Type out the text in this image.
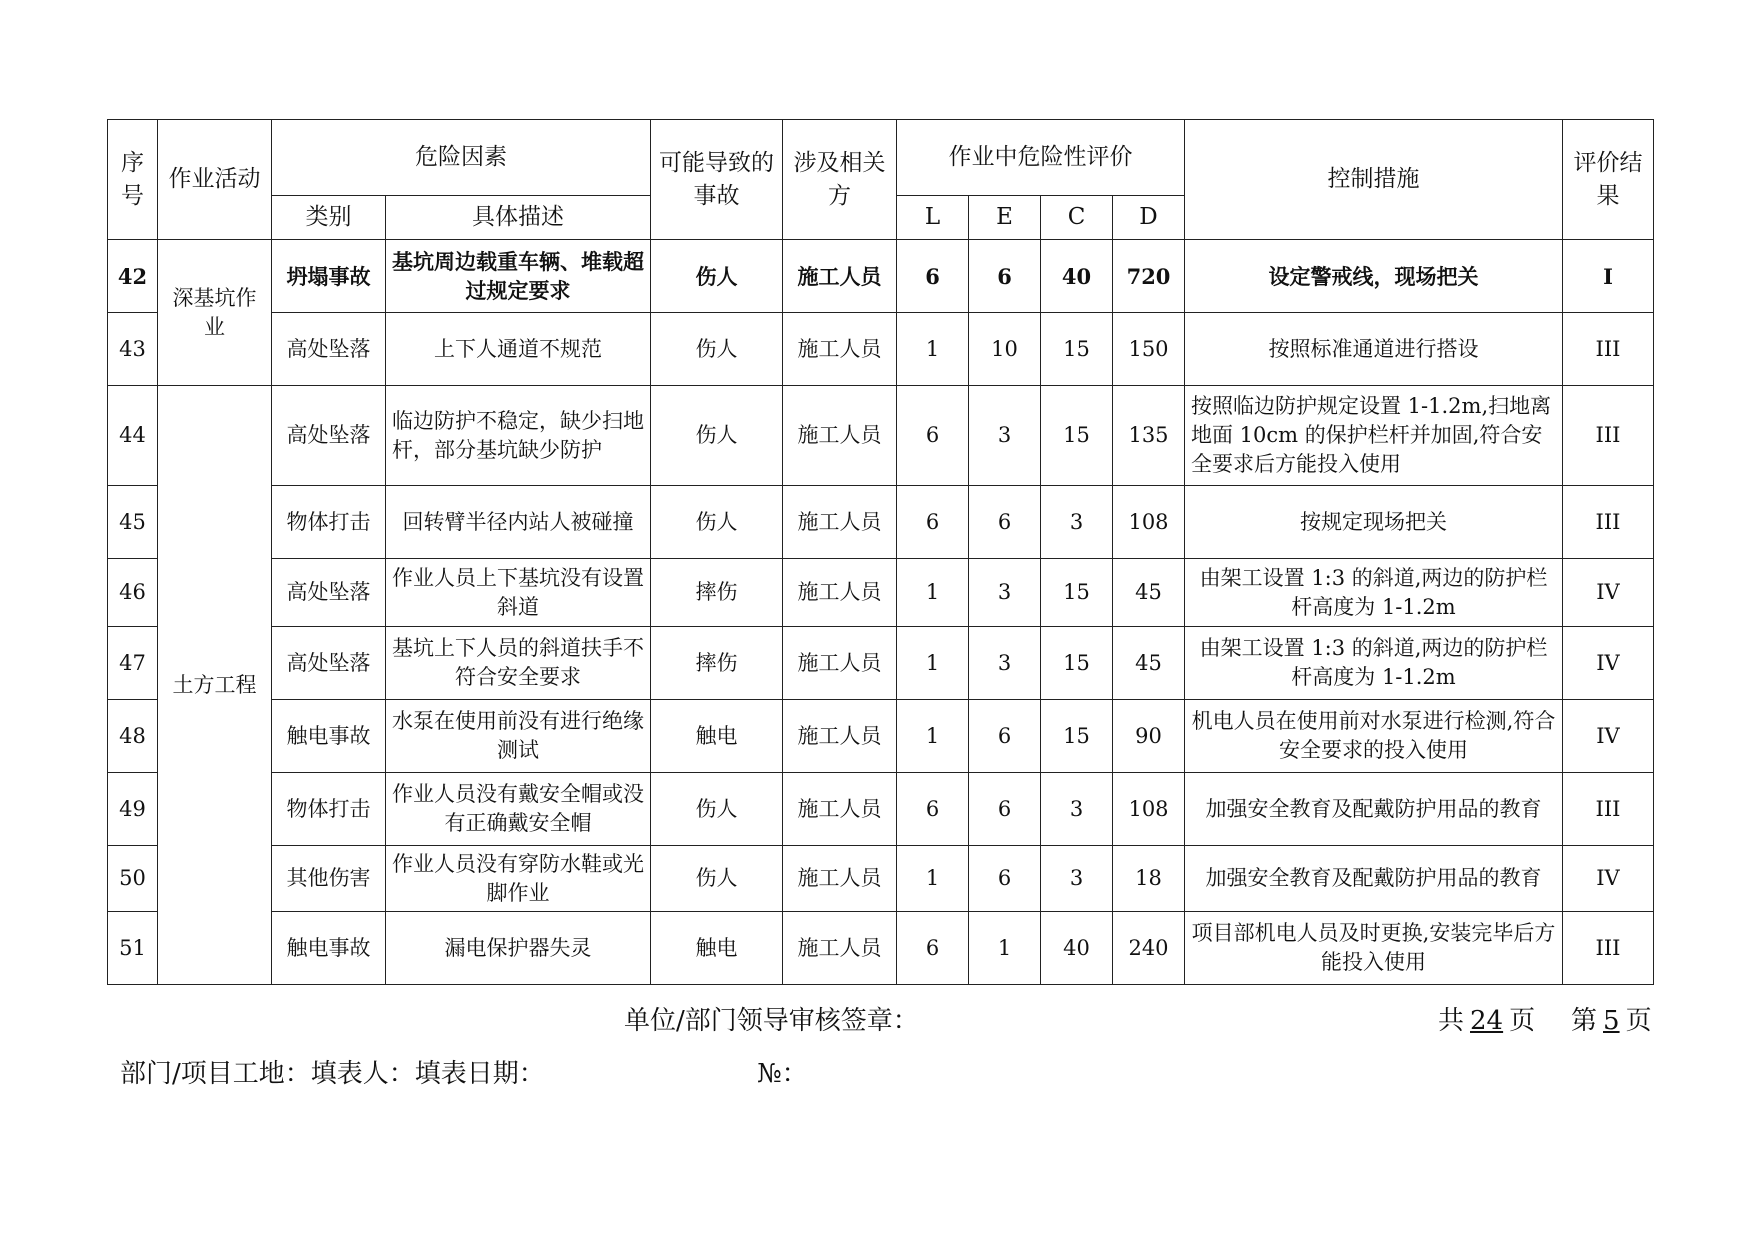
序号	作业活动	危险因素		可能导致的事故	涉及相关方	作业中危险性评价				控制措施	评价结果
		类别	具体描述			L	E	C	D		
42	深基坑作业	坍塌事故	基坑周边载重车辆、堆载超过规定要求	伤人	施工人员	6	6	40	720	设定警戒线，现场把关	I
43		高处坠落	上下人通道不规范	伤人	施工人员	1	10	15	150	按照标准通道进行搭设	III
44	土方工程	高处坠落	临边防护不稳定，缺少扫地杆，部分基坑缺少防护	伤人	施工人员	6	3	15	135	按照临边防护规定设置 1-1.2m,扫地离地面 10cm 的保护栏杆并加固,符合安全要求后方能投入使用	III
45		物体打击	回转臂半径内站人被碰撞	伤人	施工人员	6	6	3	108	按规定现场把关	III
46		高处坠落	作业人员上下基坑没有设置斜道	摔伤	施工人员	1	3	15	45	由架工设置 1:3 的斜道,两边的防护栏杆高度为 1-1.2m	IV
47		高处坠落	基坑上下人员的斜道扶手不符合安全要求	摔伤	施工人员	1	3	15	45	由架工设置 1:3 的斜道,两边的防护栏杆高度为 1-1.2m	IV
48		触电事故	水泵在使用前没有进行绝缘测试	触电	施工人员	1	6	15	90	机电人员在使用前对水泵进行检测,符合安全要求的投入使用	IV
49		物体打击	作业人员没有戴安全帽或没有正确戴安全帽	伤人	施工人员	6	6	3	108	加强安全教育及配戴防护用品的教育	III
50		其他伤害	作业人员没有穿防水鞋或光脚作业	伤人	施工人员	1	6	3	18	加强安全教育及配戴防护用品的教育	IV
51		触电事故	漏电保护器失灵	触电	施工人员	6	1	40	240	项目部机电人员及时更换,安装完毕后方能投入使用	III
单位/部门领导审核签章：	共 24 页 第 5 页
部门/项目工地：填表人：填表日期：	№：
